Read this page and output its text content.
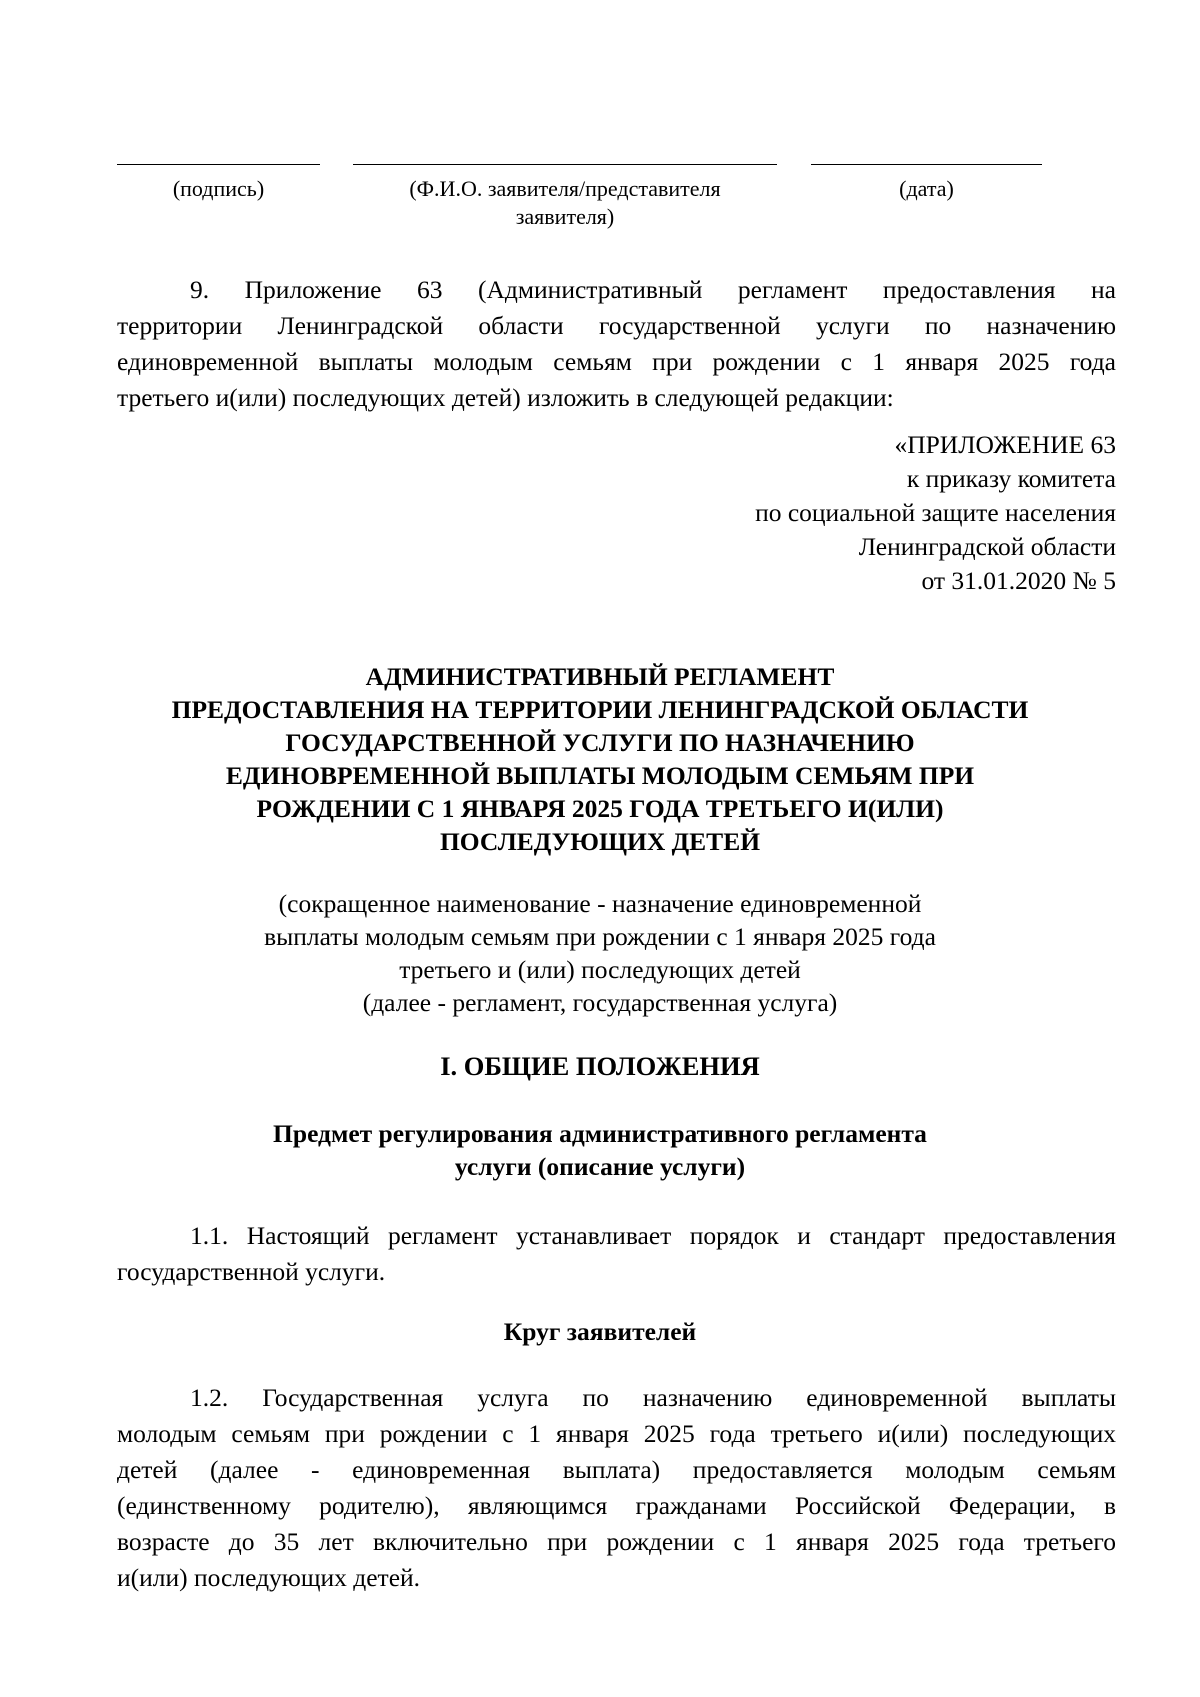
(подпись)	(Ф.И.О. заявителя/представителя
заявителя)
(дата)
9. Приложение 63 (Административный регламент предоставления на
территории Ленинградской области государственной услуги по назначению
единовременной выплаты молодым семьям при рождении с 1 января 2025 года
третьего и(или) последующих детей) изложить в следующей редакции:
«ПРИЛОЖЕНИЕ 63
к приказу комитета
по социальной защите населения
Ленинградской области
от 31.01.2020 № 5
АДМИНИСТРАТИВНЫЙ РЕГЛАМЕНТ
ПРЕДОСТАВЛЕНИЯ НА ТЕРРИТОРИИ ЛЕНИНГРАДСКОЙ ОБЛАСТИ
ГОСУДАРСТВЕННОЙ УСЛУГИ ПО НАЗНАЧЕНИЮ
ЕДИНОВРЕМЕННОЙ ВЫПЛАТЫ МОЛОДЫМ СЕМЬЯМ ПРИ
РОЖДЕНИИ С 1 ЯНВАРЯ 2025 ГОДА ТРЕТЬЕГО И(ИЛИ)
ПОСЛЕДУЮЩИХ ДЕТЕЙ
(сокращенное наименование - назначение единовременной
выплаты молодым семьям при рождении с 1 января 2025 года
третьего и (или) последующих детей
(далее - регламент, государственная услуга)
I. ОБЩИЕ ПОЛОЖЕНИЯ
Предмет регулирования административного регламента
услуги (описание услуги)
1.1. Настоящий регламент устанавливает порядок и стандарт предоставления
государственной услуги.
Круг заявителей
1.2. Государственная услуга по назначению единовременной выплаты
молодым семьям при рождении с 1 января 2025 года третьего и(или) последующих
детей (далее - единовременная выплата) предоставляется молодым семьям
(единственному родителю), являющимся гражданами Российской Федерации, в
возрасте до 35 лет включительно при рождении с 1 января 2025 года третьего
и(или) последующих детей.
